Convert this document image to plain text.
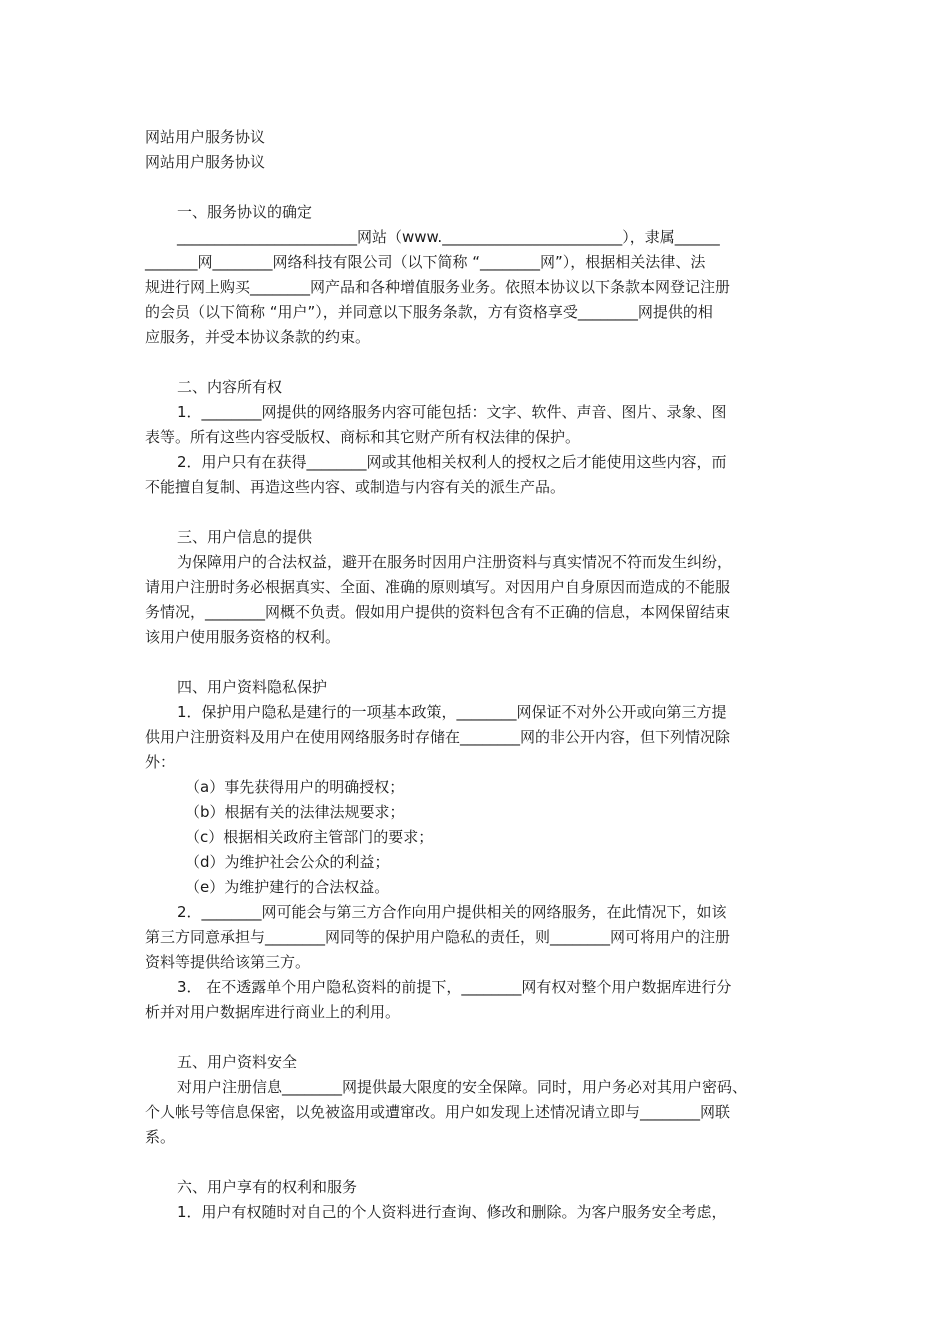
网站用户服务协议
网站用户服务协议
一、服务协议的确定
________________________网站（www.________________________），隶属______
_______网________网络科技有限公司（以下简称 “________网”），根据相关法律、法
规进行网上购买________网产品和各种增值服务业务。依照本协议以下条款本网登记注册
的会员（以下简称 “用户”），并同意以下服务条款，方有资格享受________网提供的相
应服务，并受本协议条款的约束。
二、内容所有权
1．________网提供的网络服务内容可能包括：文字、软件、声音、图片、录象、图
表等。所有这些内容受版权、商标和其它财产所有权法律的保护。
2．用户只有在获得________网或其他相关权利人的授权之后才能使用这些内容，而
不能擅自复制、再造这些内容、或制造与内容有关的派生产品。
三、用户信息的提供
为保障用户的合法权益，避开在服务时因用户注册资料与真实情况不符而发生纠纷，
请用户注册时务必根据真实、全面、准确的原则填写。对因用户自身原因而造成的不能服
务情况，________网概不负责。假如用户提供的资料包含有不正确的信息，本网保留结束
该用户使用服务资格的权利。
四、用户资料隐私保护
1．保护用户隐私是建行的一项基本政策，________网保证不对外公开或向第三方提
供用户注册资料及用户在使用网络服务时存储在________网的非公开内容，但下列情况除
外：
（a）事先获得用户的明确授权；
（b）根据有关的法律法规要求；
（c）根据相关政府主管部门的要求；
（d）为维护社会公众的利益；
（e）为维护建行的合法权益。
2．________网可能会与第三方合作向用户提供相关的网络服务，在此情况下，如该
第三方同意承担与________网同等的保护用户隐私的责任，则________网可将用户的注册
资料等提供给该第三方。
3． 在不透露单个用户隐私资料的前提下，________网有权对整个用户数据库进行分
析并对用户数据库进行商业上的利用。
五、用户资料安全
对用户注册信息________网提供最大限度的安全保障。同时，用户务必对其用户密码、
个人帐号等信息保密，以免被盗用或遭窜改。用户如发现上述情况请立即与________网联
系。
六、用户享有的权利和服务
1．用户有权随时对自己的个人资料进行查询、修改和删除。为客户服务安全考虑，
